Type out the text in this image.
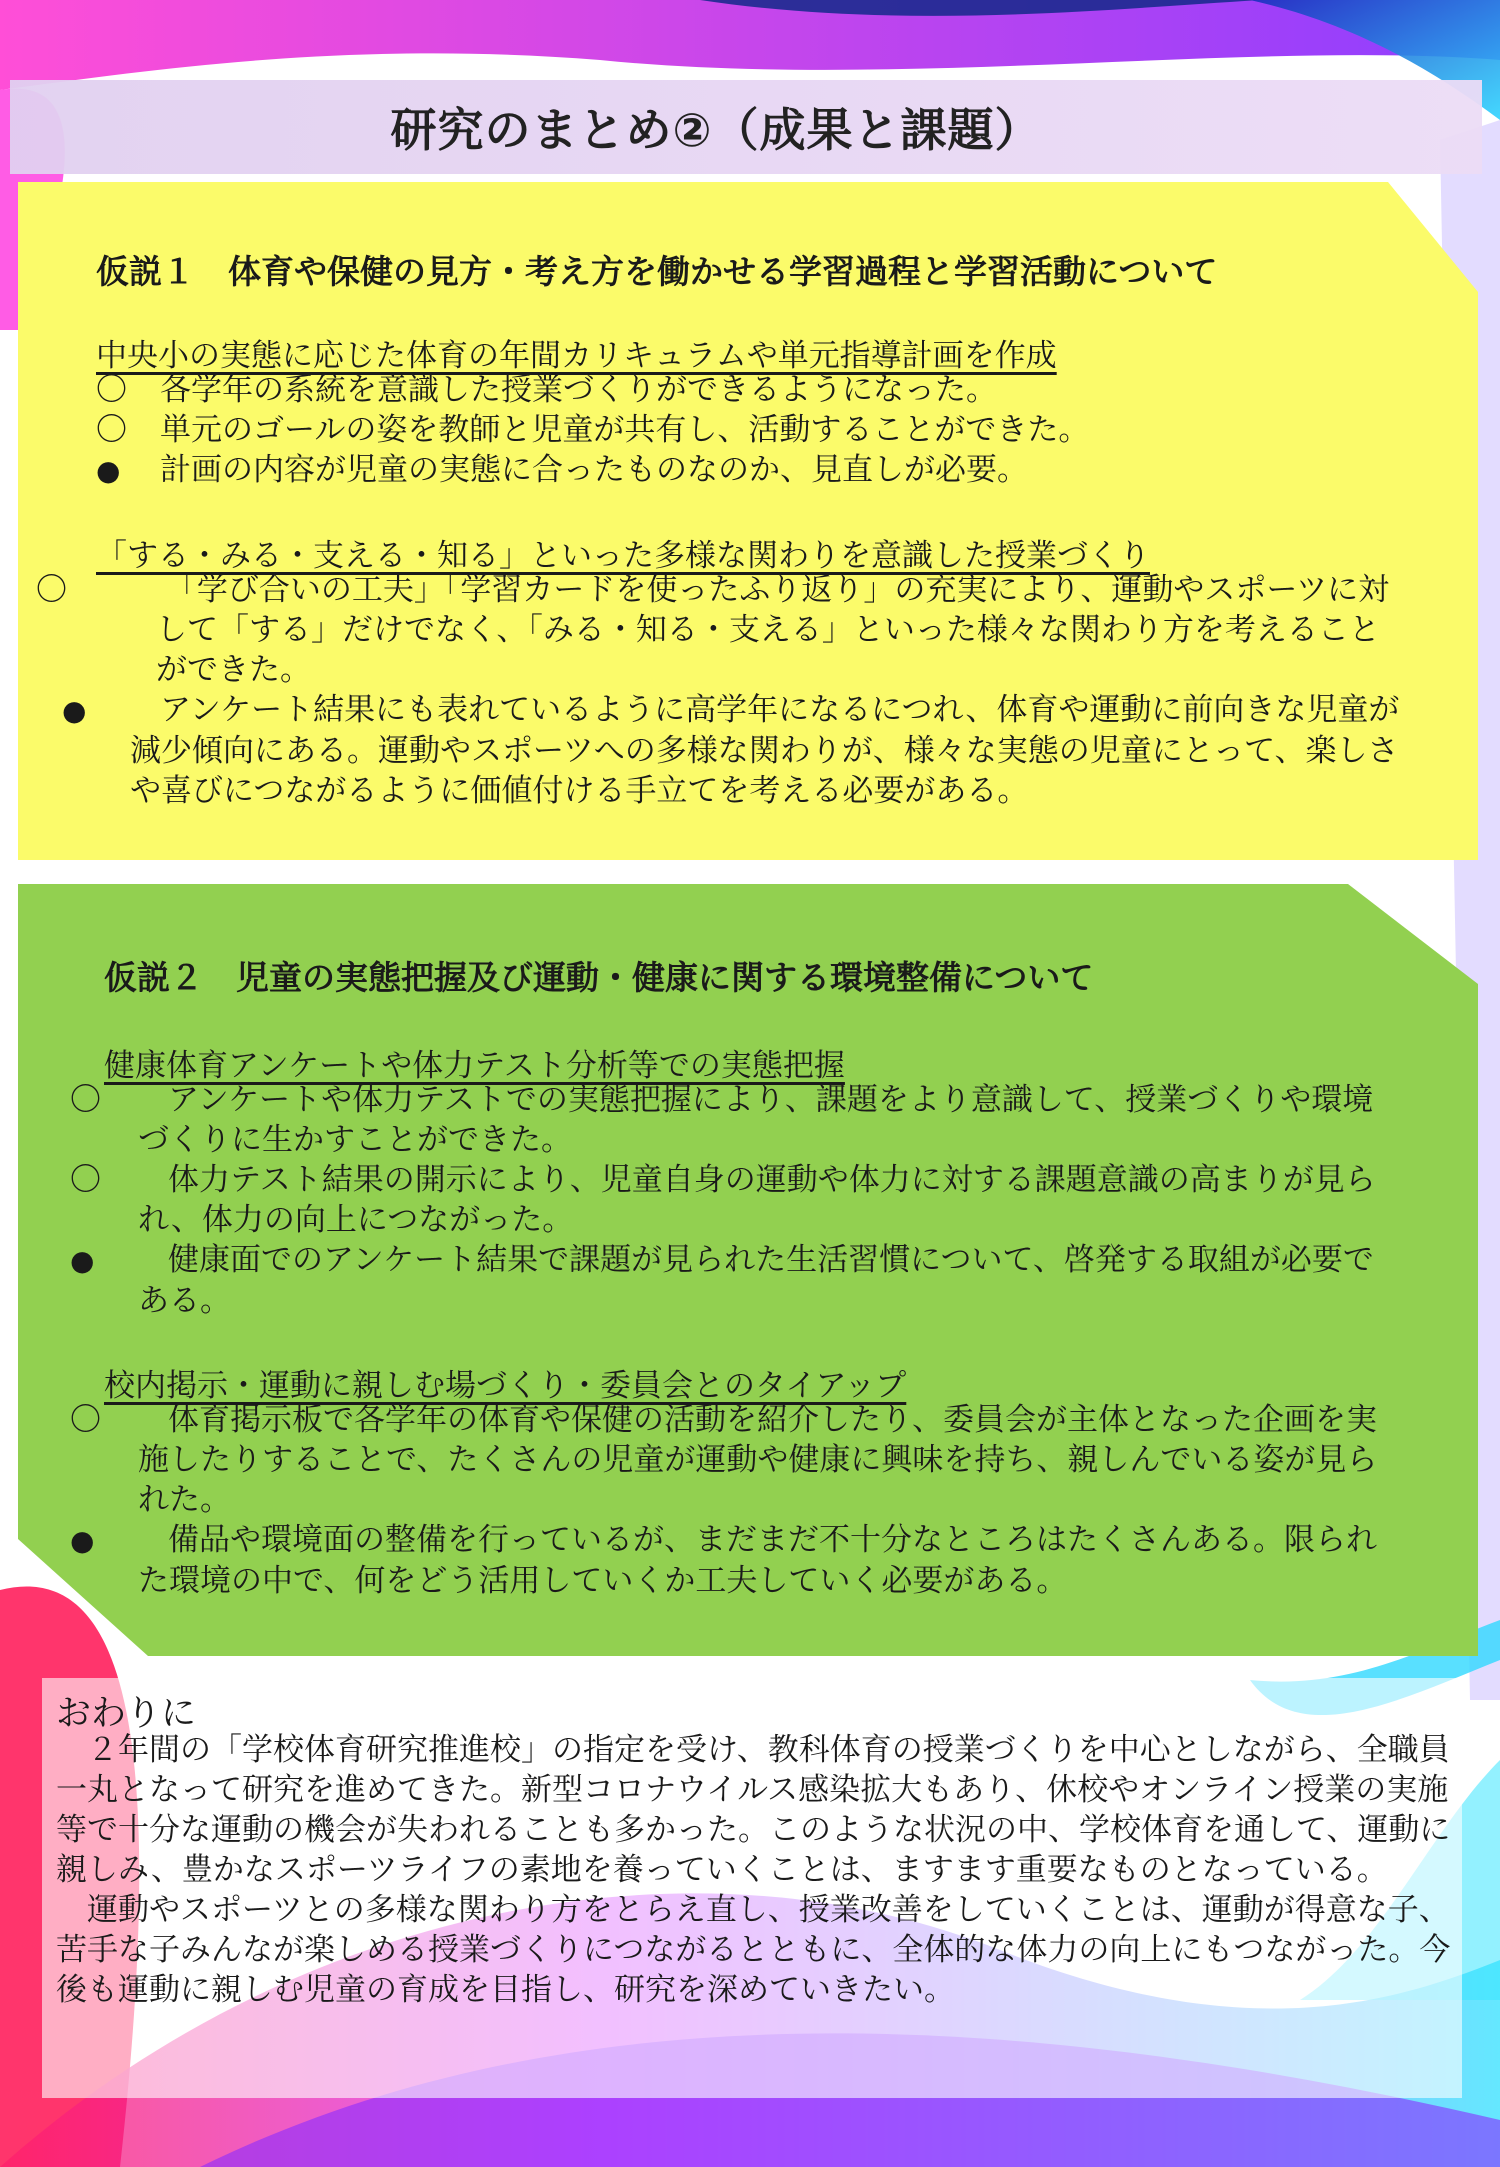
研究のまとめ②（成果と課題）
仮説１　体育や保健の見方・考え方を働かせる学習過程と学習活動について
中央小の実態に応じた体育の年間カリキュラムや単元指導計画を作成
〇 各学年の系統を意識した授業づくりができるようになった。
〇 単元のゴールの姿を教師と児童が共有し、活動することができた。
● 計画の内容が児童の実態に合ったものなのか、見直しが必要。
「する・みる・支える・知る」といった多様な関わりを意識した授業づくり
〇	「学び合いの工夫」「学習カードを使ったふり返り」の充実により、運動やスポーツに対して「する」だけでなく、「みる・知る・支える」といった様々な関わり方を考えることができた。
● アンケート結果にも表れているように高学年になるにつれ、体育や運動に前向きな児童が減少傾向にある。運動やスポーツへの多様な関わりが、様々な実態の児童にとって、楽しさや喜びにつながるように価値付ける手立てを考える必要がある。
仮説２　児童の実態把握及び運動・健康に関する環境整備について
健康体育アンケートや体力テスト分析等での実態把握
〇 アンケートや体力テストでの実態把握により、課題をより意識して、授業づくりや環境づくりに生かすことができた。
〇 体力テスト結果の開示により、児童自身の運動や体力に対する課題意識の高まりが見られ、体力の向上につながった。
● 健康面でのアンケート結果で課題が見られた生活習慣について、啓発する取組が必要である。
校内掲示・運動に親しむ場づくり・委員会とのタイアップ
〇 体育掲示板で各学年の体育や保健の活動を紹介したり、委員会が主体となった企画を実施したりすることで、たくさんの児童が運動や健康に興味を持ち、親しんでいる姿が見られた。
● 備品や環境面の整備を行っているが、まだまだ不十分なところはたくさんある。限られた環境の中で、何をどう活用していくか工夫していく必要がある。
おわりに

２年間の「学校体育研究推進校」の指定を受け、教科体育の授業づくりを中心としながら、全職員一丸となって研究を進めてきた。新型コロナウイルス感染拡大もあり、休校やオンライン授業の実施等で十分な運動の機会が失われることも多かった。このような状況の中、学校体育を通して、運動に親しみ、豊かなスポーツライフの素地を養っていくことは、ますます重要なものとなっている。

運動やスポーツとの多様な関わり方をとらえ直し、授業改善をしていくことは、運動が得意な子、苦手な子みんなが楽しめる授業づくりにつながるとともに、全体的な体力の向上にもつながった。今後も運動に親しむ児童の育成を目指し、研究を深めていきたい。
